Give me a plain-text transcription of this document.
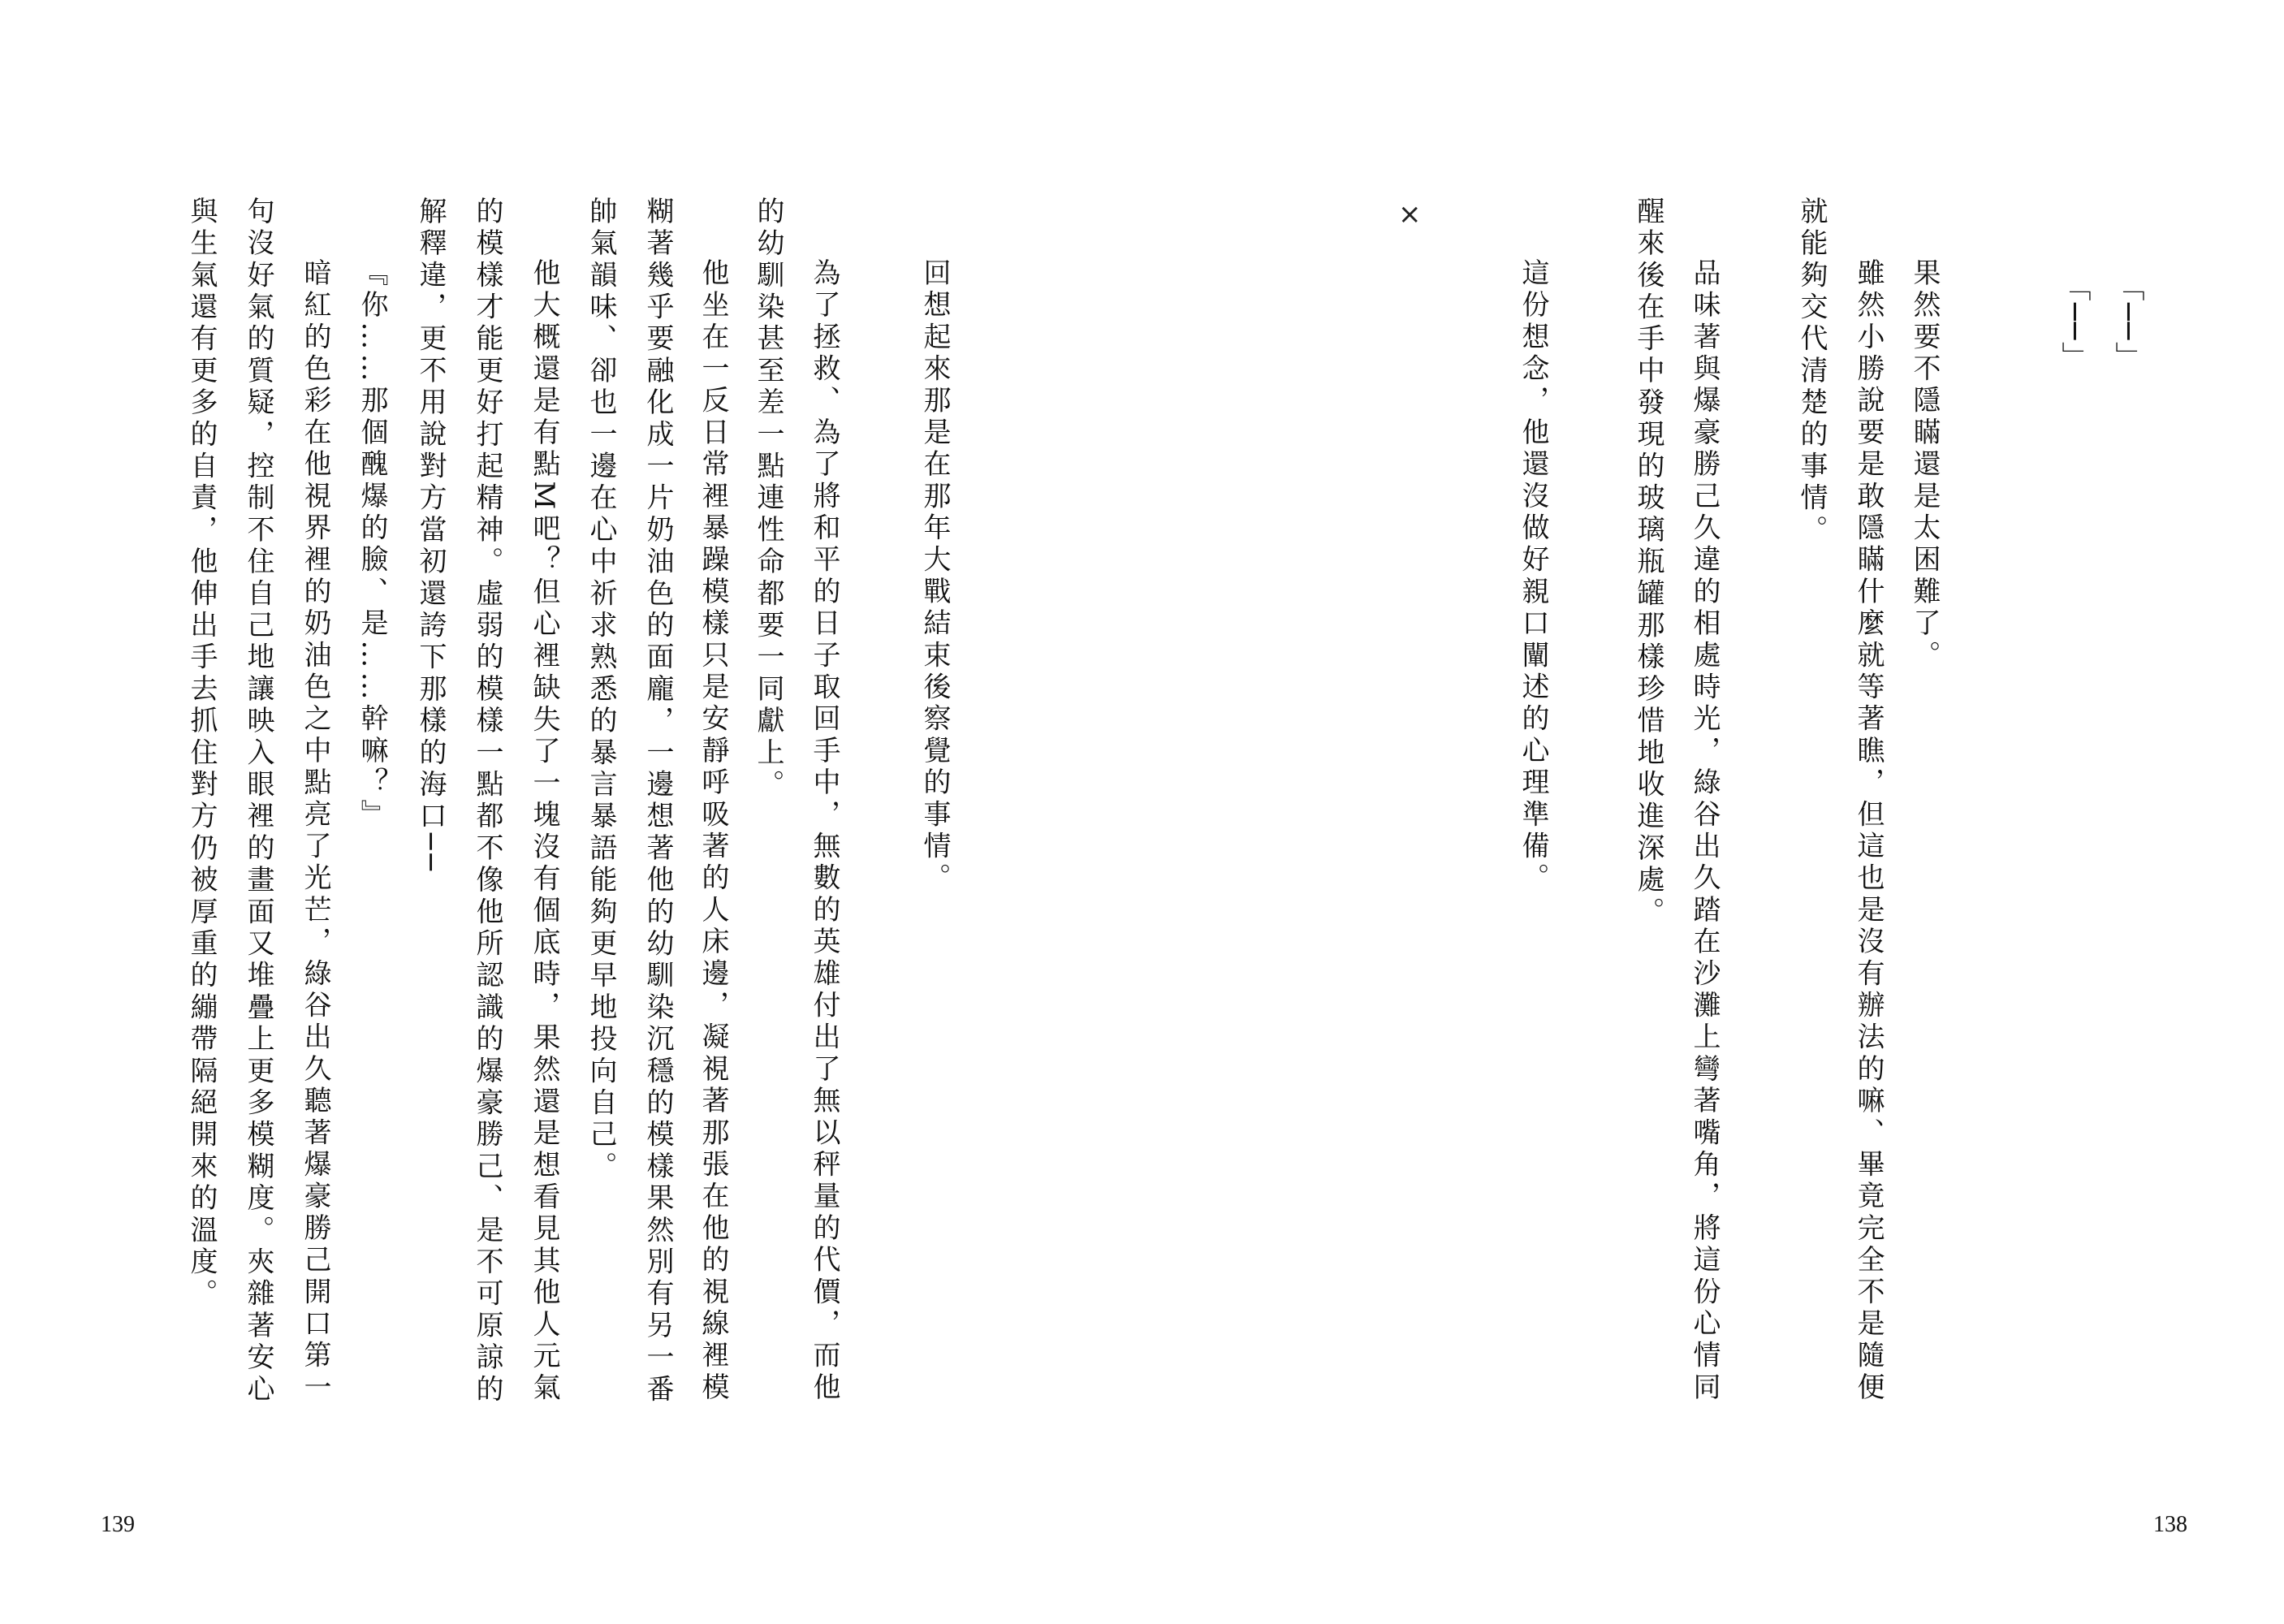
「──」
「──」
果然要不隱瞞還是太困難了。
雖然小勝說要是敢隱瞞什麼就等著瞧，但這也是沒有辦法的嘛、畢竟完全不是隨便
就能夠交代清楚的事情。
品味著與爆豪勝己久違的相處時光，綠谷出久踏在沙灘上彎著嘴角，將這份心情同
醒來後在手中發現的玻璃瓶罐那樣珍惜地收進深處。
這份想念，他還沒做好親口闡述的心理準備。
138
×
回想起來那是在那年大戰結束後察覺的事情。
為了拯救、為了將和平的日子取回手中，無數的英雄付出了無以秤量的代價，而他
的幼馴染甚至差一點連性命都要一同獻上。
他坐在一反日常裡暴躁模樣只是安靜呼吸著的人床邊，凝視著那張在他的視線裡模
糊著幾乎要融化成一片奶油色的面龐，一邊想著他的幼馴染沉穩的模樣果然別有另一番
帥氣韻味、卻也一邊在心中祈求熟悉的暴言暴語能夠更早地投向自己。
他大概還是有點M吧？但心裡缺失了一塊沒有個底時，果然還是想看見其他人元氣
的模樣才能更好打起精神。虛弱的模樣一點都不像他所認識的爆豪勝己、是不可原諒的
解釋違，更不用說對方當初還誇下那樣的海口──
『你……那個醜爆的臉、是……幹嘛？』
暗紅的色彩在他視界裡的奶油色之中點亮了光芒，綠谷出久聽著爆豪勝己開口第一
句沒好氣的質疑，控制不住自己地讓映入眼裡的畫面又堆疊上更多模糊度。夾雜著安心
與生氣還有更多的自責，他伸出手去抓住對方仍被厚重的繃帶隔絕開來的溫度。
139
